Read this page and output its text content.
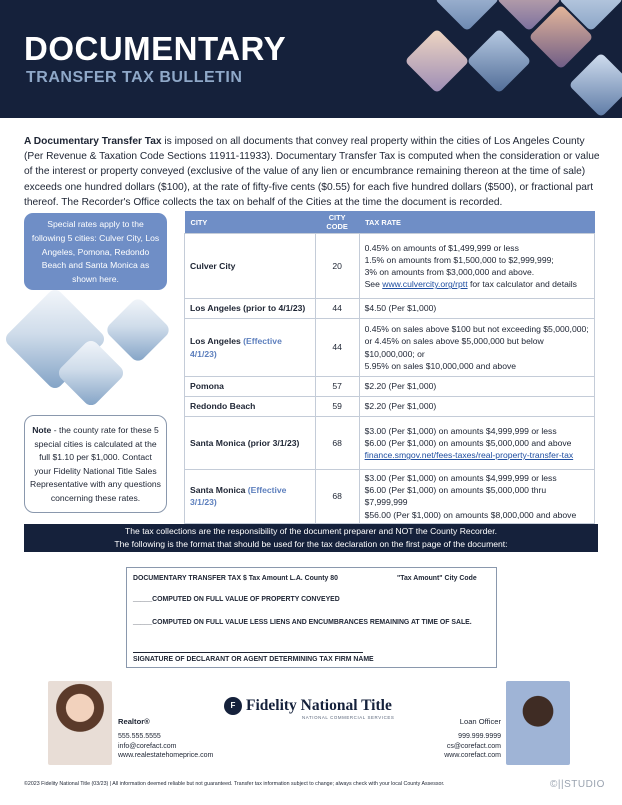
DOCUMENTARY
TRANSFER TAX BULLETIN

A Documentary Transfer Tax is imposed on all documents that convey real property within the cities of Los Angeles County (Per Revenue & Taxation Code Sections 11911-11933). Documentary Transfer Tax is computed when the consideration or value of the interest or property conveyed (exclusive of the value of any lien or encumbrance remaining thereon at the time of sale) exceeds one hundred dollars ($100), at the rate of fifty-five cents ($0.55) for each five hundred dollars ($500), or fractional part thereof. The Recorder's Office collects the tax on behalf of the Cities at the time the document is recorded.

Special rates apply to the following 5 cities: Culver City, Los Angeles, Pomona, Redondo Beach and Santa Monica as shown here.
Note - the county rate for these 5 special cities is calculated at the full $1.10 per $1,000. Contact your Fidelity National Title Sales Representative with any questions concerning these rates.
CITY	CITY CODE	TAX RATE
Culver City	20	0.45% on amounts of $1,499,999 or less
1.5% on amounts from $1,500,000 to $2,999,999;
3% on amounts from $3,000,000 and above.
See www.culvercity.org/rptt for tax calculator and details

Los Angeles (prior to 4/1/23)	44	$4.50 (Per $1,000)
Los Angeles (Effective 4/1/23)	44	0.45% on sales above $100 but not exceeding $5,000,000;
or 4.45% on sales above $5,000,000 but below
$10,000,000; or
5.95% on sales $10,000,000 and above

Pomona	57	$2.20 (Per $1,000)
Redondo Beach	59	$2.20 (Per $1,000)
Santa Monica (prior 3/1/23)	68	$3.00 (Per $1,000) on amounts $4,999,999 or less
$6.00 (Per $1,000) on amounts $5,000,000 and above
finance.smgov.net/fees-taxes/real-property-transfer-tax

Santa Monica (Effective 3/1/23)	68	$3.00 (Per $1,000) on amounts $4,999,999 or less
$6.00 (Per $1,000) on amounts $5,000,000 thru $7,999,999
$56.00 (Per $1,000) on amounts $8,000,000 and above
The tax collections are the responsibility of the document preparer and NOT the County Recorder.
The following is the format that should be used for the tax declaration on the first page of the document:
DOCUMENTARY TRANSFER TAX $ Tax Amount L.A. County 80	"Tax Amount" City Code
_____COMPUTED ON FULL VALUE OF PROPERTY CONVEYED
_____COMPUTED ON FULL VALUE LESS LIENS AND ENCUMBRANCES REMAINING AT TIME OF SALE.
SIGNATURE OF DECLARANT OR AGENT DETERMINING TAX FIRM NAME
Realtor®
555.555.5555
info@corefact.com
www.realestatehomeprice.com
F Fidelity National Title
NATIONAL COMMERCIAL SERVICES	Loan Officer
999.999.9999
cs@corefact.com
www.corefact.com
©2023 Fidelity National Title (03/23) | All information deemed reliable but not guaranteed. Transfer tax information subject to change; always check with your local County Assessor.	©||STUDIO
